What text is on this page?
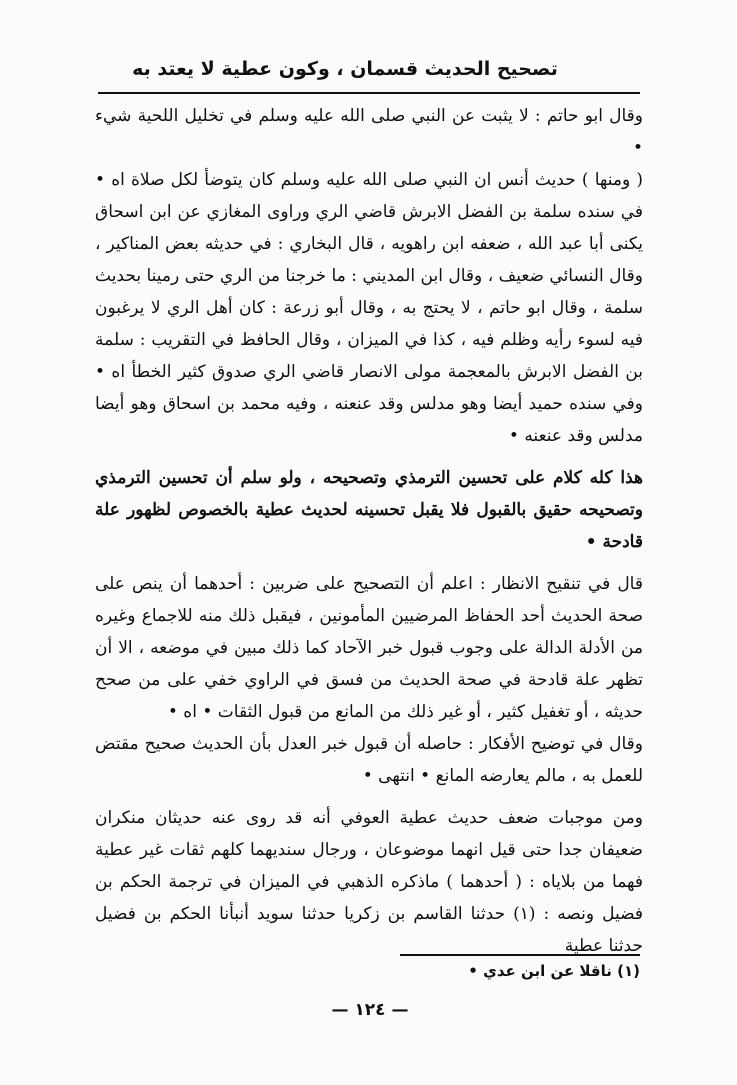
تصحيح الحديث قسمان ، وكون عطية لا يعتد به

وقال ابو حاتم : لا يثبت عن النبي صلى الله عليه وسلم في تخليل اللحية شيء •

( ومنها ) حديث أنس ان النبي صلى الله عليه وسلم كان يتوضأ لكل صلاة اه • في سنده سلمة بن الفضل الابرش قاضي الري وراوى المغازي عن ابن اسحاق يكنى أبا عبد الله ، ضعفه ابن راهويه ، قال البخاري : في حديثه بعض المناكير ، وقال النسائي ضعيف ، وقال ابن المديني : ما خرجنا من الري حتى رمينا بحديث سلمة ، وقال ابو حاتم ، لا يحتج به ، وقال أبو زرعة : كان أهل الري لا يرغبون فيه لسوء رأيه وظلم فيه ، كذا في الميزان ، وقال الحافظ في التقريب : سلمة بن الفضل الابرش بالمعجمة مولى الانصار قاضي الري صدوق كثير الخطأ اه • وفي سنده حميد أيضا وهو مدلس وقد عنعنه ، وفيه محمد بن اسحاق وهو أيضا مدلس وقد عنعنه •

هذا كله كلام على تحسين الترمذي وتصحيحه ، ولو سلم أن تحسين الترمذي وتصحيحه حقيق بالقبول فلا يقبل تحسينه لحديث عطية بالخصوص لظهور علة قادحة •

قال في تنقيح الانظار : اعلم أن التصحيح على ضربين : أحدهما أن ينص على صحة الحديث أحد الحفاظ المرضيين المأمونين ، فيقبل ذلك منه للاجماع وغيره من الأدلة الدالة على وجوب قبول خبر الآحاد كما ذلك مبين في موضعه ، الا أن تظهر علة قادحة في صحة الحديث من فسق في الراوي خفي على من صحح حديثه ، أو تغفيل كثير ، أو غير ذلك من المانع من قبول الثقات • اه •

وقال في توضيح الأفكار : حاصله أن قبول خبر العدل بأن الحديث صحيح مقتض للعمل به ، مالم يعارضه المانع • انتهى •

ومن موجبات ضعف حديث عطية العوفي أنه قد روى عنه حديثان منكران ضعيفان جدا حتى قيل انهما موضوعان ، ورجال سنديهما كلهم ثقات غير عطية فهما من بلاياه : ( أحدهما ) ماذكره الذهبي في الميزان في ترجمة الحكم بن فضيل ونصه : (١) حدثنا القاسم بن زكريا حدثنا سويد أنبأنا الحكم بن فضيل حدثنا عطية

(١) ناقلا عن ابن عدي •
— ١٢٤ —
